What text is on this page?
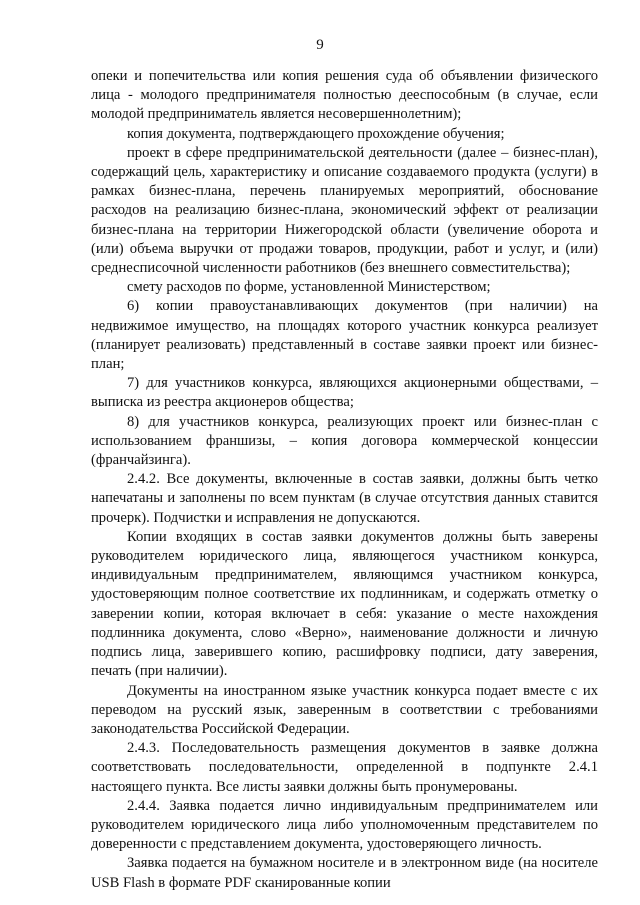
9

опеки и попечительства или копия решения суда об объявлении физического лица - молодого предпринимателя полностью дееспособным (в случае, если молодой предприниматель является несовершеннолетним);

копия документа, подтверждающего прохождение обучения;

проект в сфере предпринимательской деятельности (далее – бизнес-план), содержащий цель, характеристику и описание создаваемого продукта (услуги) в рамках бизнес-плана, перечень планируемых мероприятий, обоснование расходов на реализацию бизнес-плана, экономический эффект от реализации бизнес-плана на территории Нижегородской области (увеличение оборота и (или) объема выручки от продажи товаров, продукции, работ и услуг, и (или) среднесписочной численности работников (без внешнего совместительства);

смету расходов по форме, установленной Министерством;

6) копии правоустанавливающих документов (при наличии) на недвижимое имущество, на площадях которого участник конкурса реализует (планирует реализовать) представленный в составе заявки проект или бизнес-план;

7) для участников конкурса, являющихся акционерными обществами, – выписка из реестра акционеров общества;

8) для участников конкурса, реализующих проект или бизнес-план с использованием франшизы, – копия договора коммерческой концессии (франчайзинга).

2.4.2. Все документы, включенные в состав заявки, должны быть четко напечатаны и заполнены по всем пунктам (в случае отсутствия данных ставится прочерк). Подчистки и исправления не допускаются.

Копии входящих в состав заявки документов должны быть заверены руководителем юридического лица, являющегося участником конкурса, индивидуальным предпринимателем, являющимся участником конкурса, удостоверяющим полное соответствие их подлинникам, и содержать отметку о заверении копии, которая включает в себя: указание о месте нахождения подлинника документа, слово «Верно», наименование должности и личную подпись лица, заверившего копию, расшифровку подписи, дату заверения, печать (при наличии).

Документы на иностранном языке участник конкурса подает вместе с их переводом на русский язык, заверенным в соответствии с требованиями законодательства Российской Федерации.

2.4.3. Последовательность размещения документов в заявке должна соответствовать последовательности, определенной в подпункте 2.4.1 настоящего пункта. Все листы заявки должны быть пронумерованы.

2.4.4. Заявка подается лично индивидуальным предпринимателем или руководителем юридического лица либо уполномоченным представителем по доверенности с представлением документа, удостоверяющего личность.

Заявка подается на бумажном носителе и в электронном виде (на носителе USB Flash в формате PDF сканированные копии
